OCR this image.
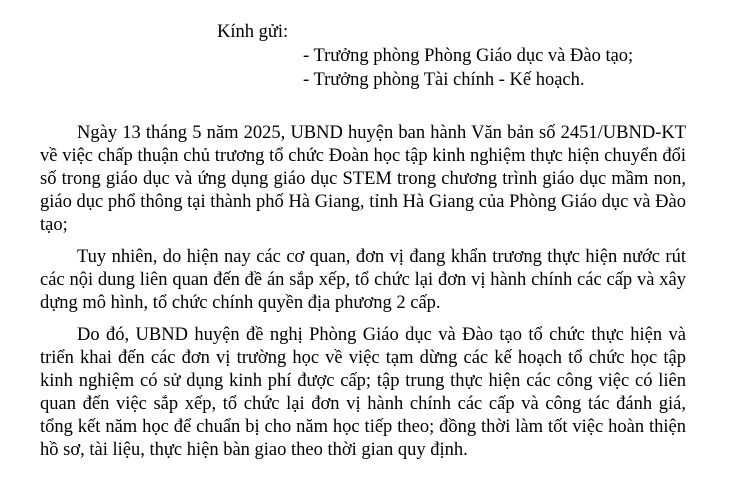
Kính gửi:
- Trưởng phòng Phòng Giáo dục và Đào tạo;
- Trưởng phòng Tài chính - Kế hoạch.

Ngày 13 tháng 5 năm 2025, UBND huyện ban hành Văn bản số 2451/UBND-KT về việc chấp thuận chủ trương tổ chức Đoàn học tập kinh nghiệm thực hiện chuyển đổi số trong giáo dục và ứng dụng giáo dục STEM trong chương trình giáo dục mầm non, giáo dục phổ thông tại thành phố Hà Giang, tỉnh Hà Giang của Phòng Giáo dục và Đào tạo;

Tuy nhiên, do hiện nay các cơ quan, đơn vị đang khẩn trương thực hiện nước rút các nội dung liên quan đến đề án sắp xếp, tổ chức lại đơn vị hành chính các cấp và xây dựng mô hình, tổ chức chính quyền địa phương 2 cấp.

Do đó, UBND huyện đề nghị Phòng Giáo dục và Đào tạo tổ chức thực hiện và triển khai đến các đơn vị trường học về việc tạm dừng các kế hoạch tổ chức học tập kinh nghiệm có sử dụng kinh phí được cấp; tập trung thực hiện các công việc có liên quan đến việc sắp xếp, tổ chức lại đơn vị hành chính các cấp và công tác đánh giá, tổng kết năm học để chuẩn bị cho năm học tiếp theo; đồng thời làm tốt việc hoàn thiện hồ sơ, tài liệu, thực hiện bàn giao theo thời gian quy định.
